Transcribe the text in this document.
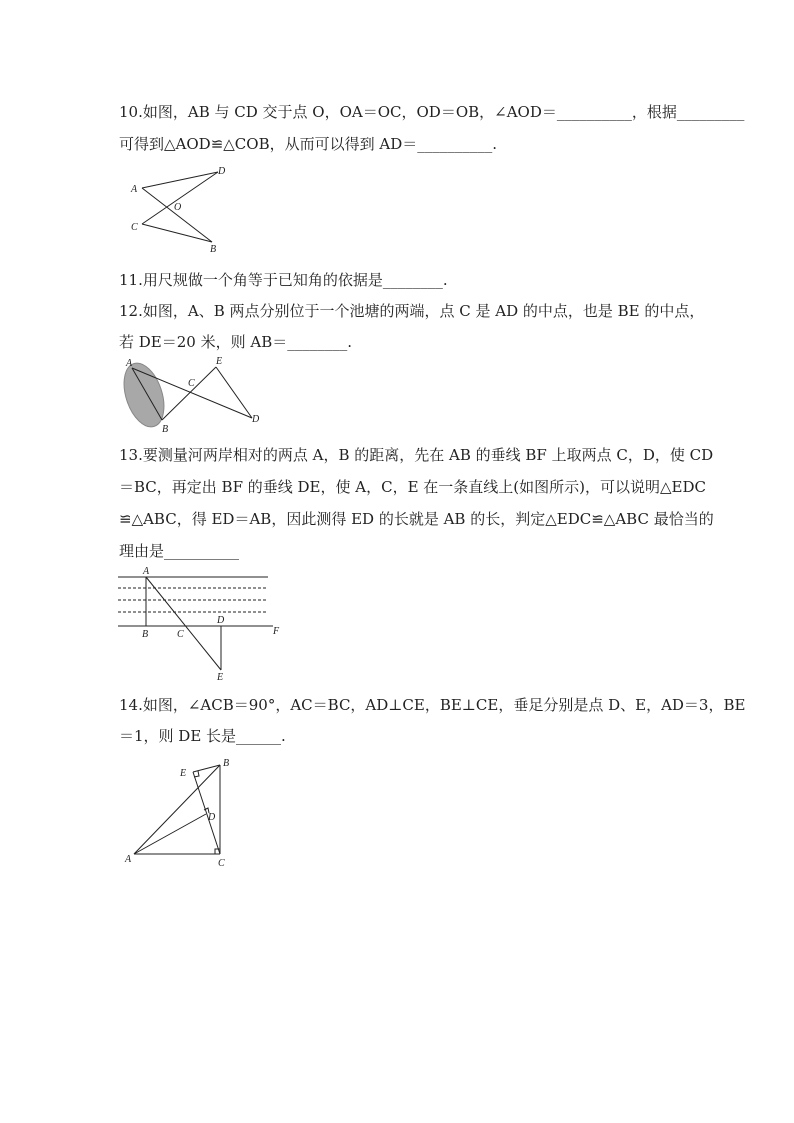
10.如图，AB 与 CD 交于点 O，OA＝OC，OD＝OB，∠AOD＝__________，根据_________
可得到△AOD≌△COB，从而可以得到 AD＝__________.
A
D
O
C
B
11.用尺规做一个角等于已知角的依据是________.
12.如图，A、B 两点分别位于一个池塘的两端，点 C 是 AD 的中点，也是 BE 的中点，
若 DE＝20 米，则 AB＝________.
A
B
C
E
D
13.要测量河两岸相对的两点 A，B 的距离，先在 AB 的垂线 BF 上取两点 C，D，使 CD
＝BC，再定出 BF 的垂线 DE，使 A，C，E 在一条直线上(如图所示)，可以说明△EDC
≌△ABC，得 ED＝AB，因此测得 ED 的长就是 AB 的长，判定△EDC≌△ABC 最恰当的
理由是__________
A
B	C
D
F
E
14.如图，∠ACB＝90°，AC＝BC，AD⊥CE，BE⊥CE，垂足分别是点 D、E，AD＝3，BE
＝1，则 DE 长是______.
A
B
C
D
E
